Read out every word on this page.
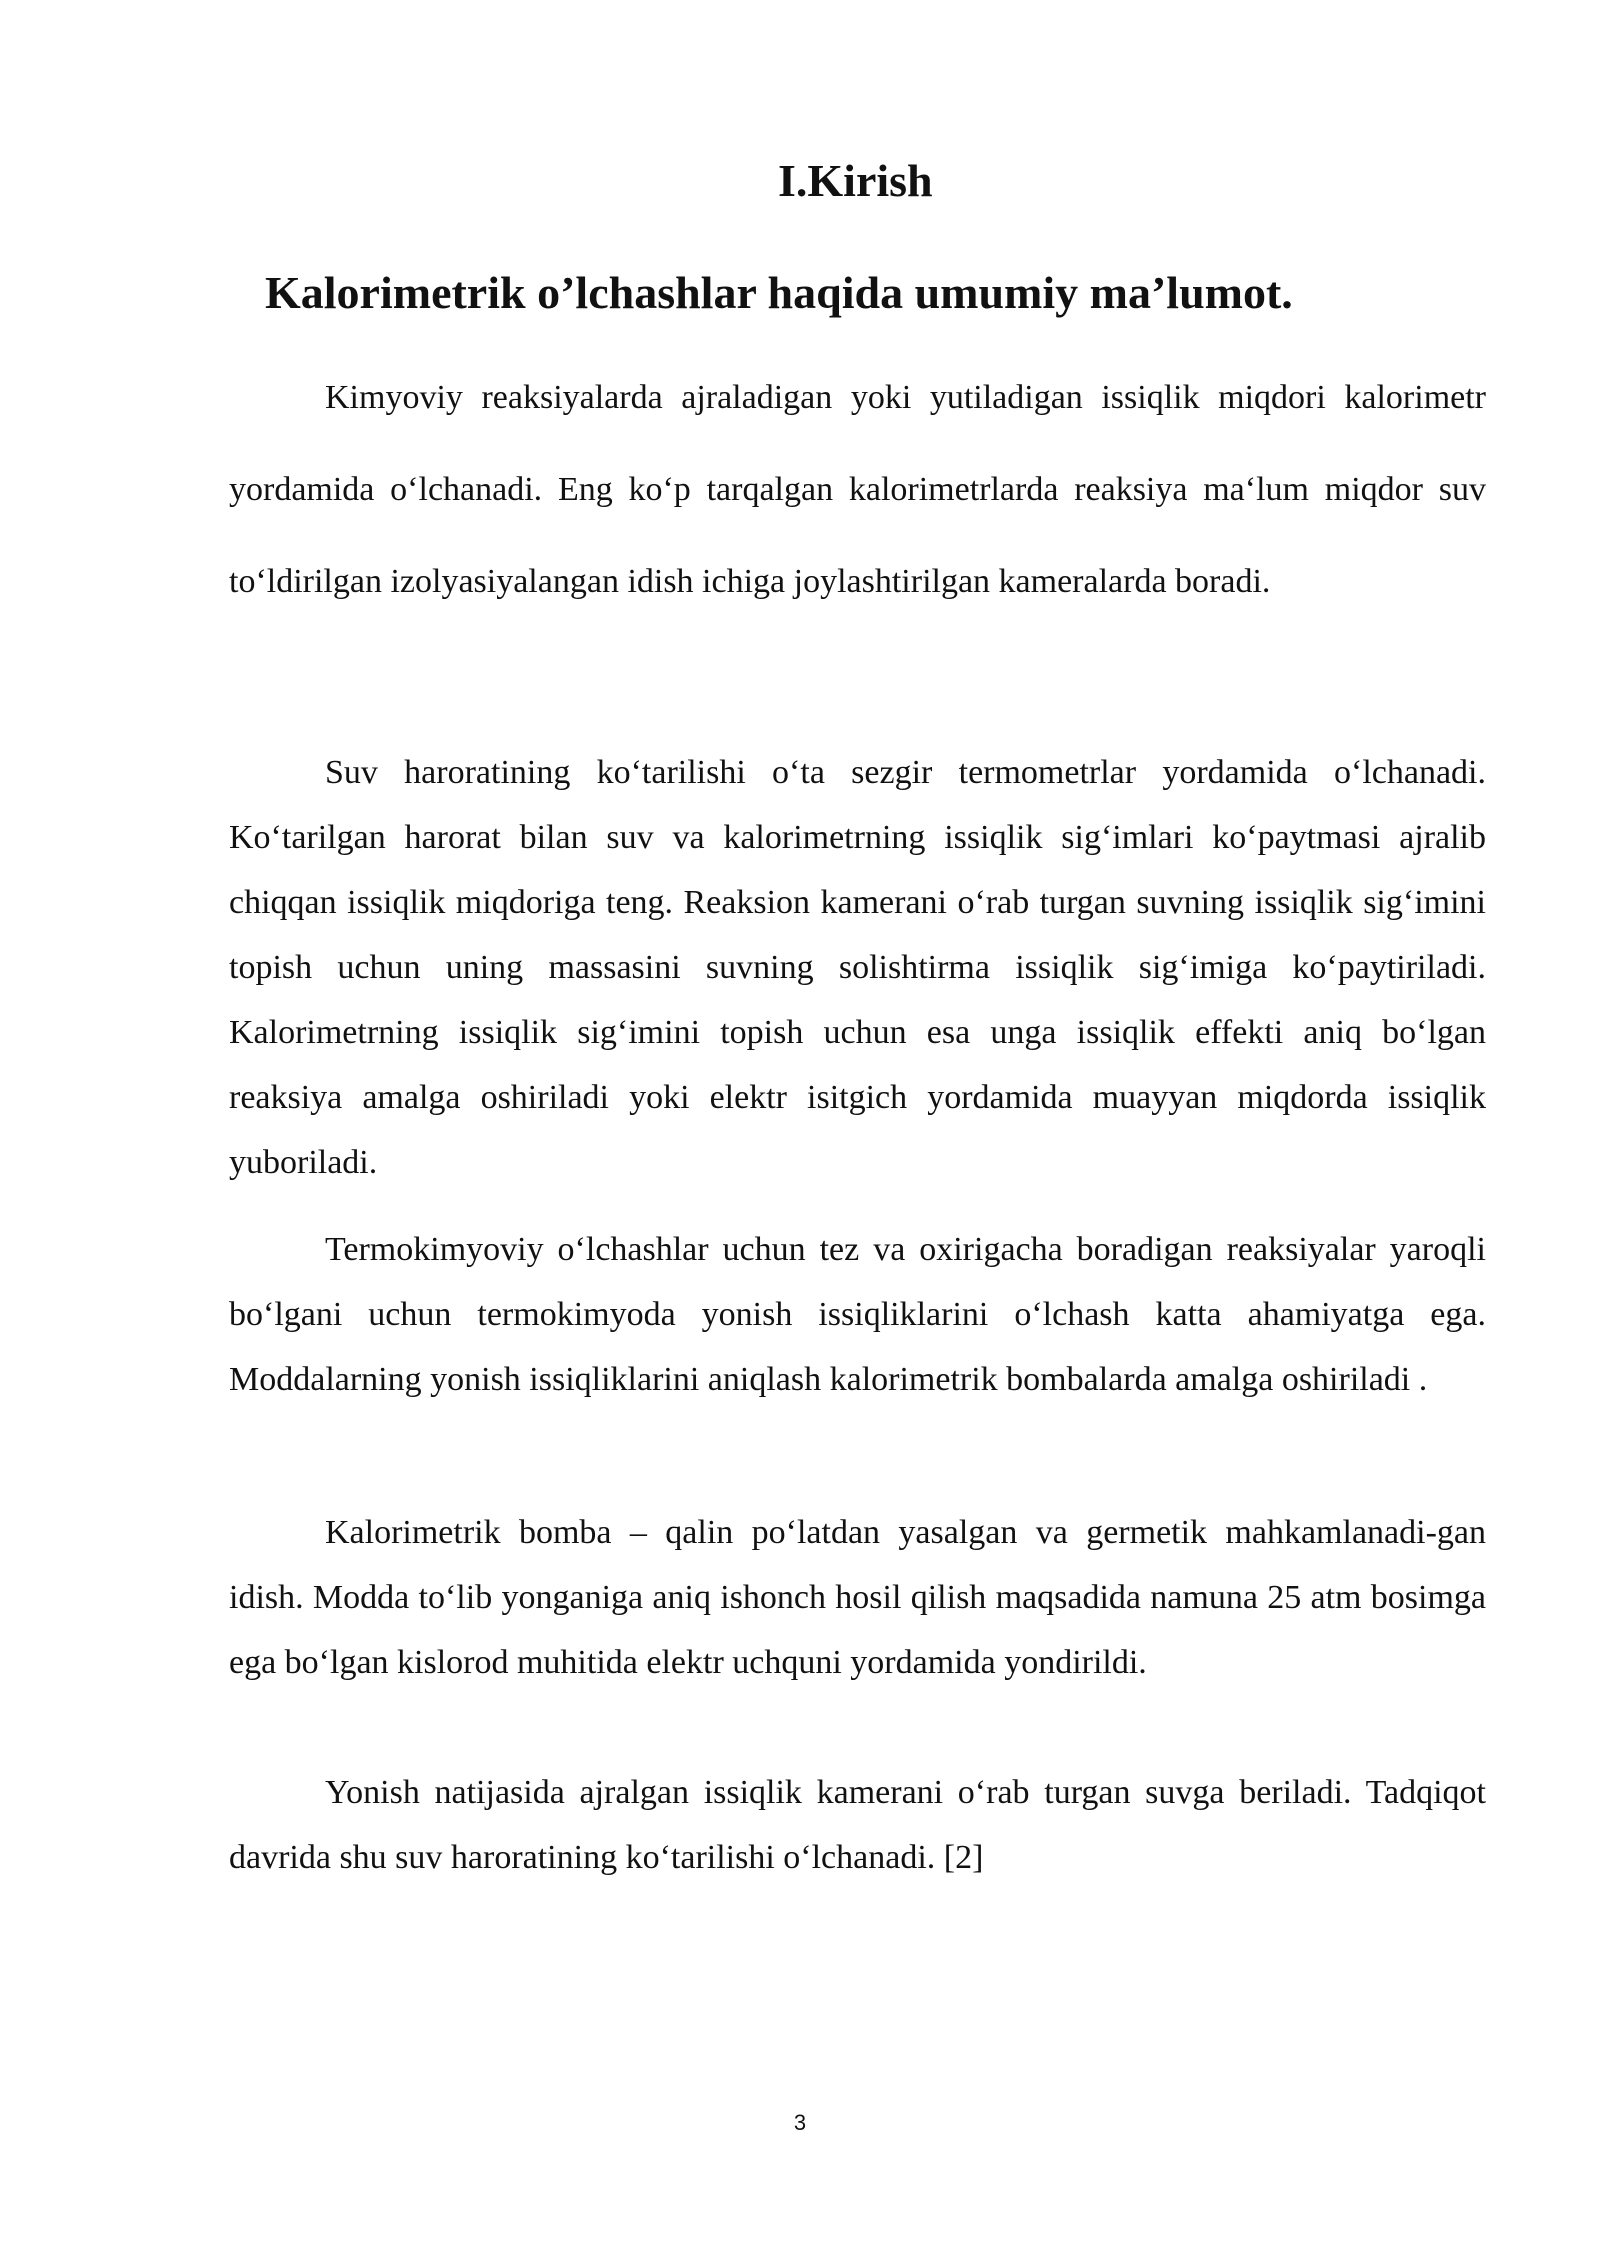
I.Kirish
Kalorimetrik o’lchashlar haqida umumiy ma’lumot.

Kimyoviy reaksiyalarda ajraladigan yoki yutiladigan issiqlik miqdori kalorimetr yordamida o‘lchanadi. Eng ko‘p tarqalgan kalorimetrlarda reaksiya ma‘lum miqdor suv to‘ldirilgan izolyasiyalangan idish ichiga joylashtirilgan kameralarda boradi.

Suv haroratining ko‘tarilishi o‘ta sezgir termometrlar yordamida o‘lchanadi. Ko‘tarilgan harorat bilan suv va kalorimetrning issiqlik sig‘imlari ko‘paytmasi ajralib chiqqan issiqlik miqdoriga teng. Reaksion kamerani o‘rab turgan suvning issiqlik sig‘imini topish uchun uning massasini suvning solishtirma issiqlik sig‘imiga ko‘paytiriladi. Kalorimetrning issiqlik sig‘imini topish uchun esa unga issiqlik effekti aniq bo‘lgan reaksiya amalga oshiriladi yoki elektr isitgich yordamida muayyan miqdorda issiqlik yuboriladi.

Termokimyoviy o‘lchashlar uchun tez va oxirigacha boradigan reaksiyalar yaroqli bo‘lgani uchun termokimyoda yonish issiqliklarini o‘lchash katta ahamiyatga ega. Moddalarning yonish issiqliklarini aniqlash kalorimetrik bombalarda amalga oshiriladi .

Kalorimetrik bomba – qalin po‘latdan yasalgan va germetik mahkamlanadi-gan idish. Modda to‘lib yonganiga aniq ishonch hosil qilish maqsadida namuna 25 atm bosimga ega bo‘lgan kislorod muhitida elektr uchquni yordamida yondirildi.

Yonish natijasida ajralgan issiqlik kamerani o‘rab turgan suvga beriladi. Tadqiqot davrida shu suv haroratining ko‘tarilishi o‘lchanadi. [2]

3
